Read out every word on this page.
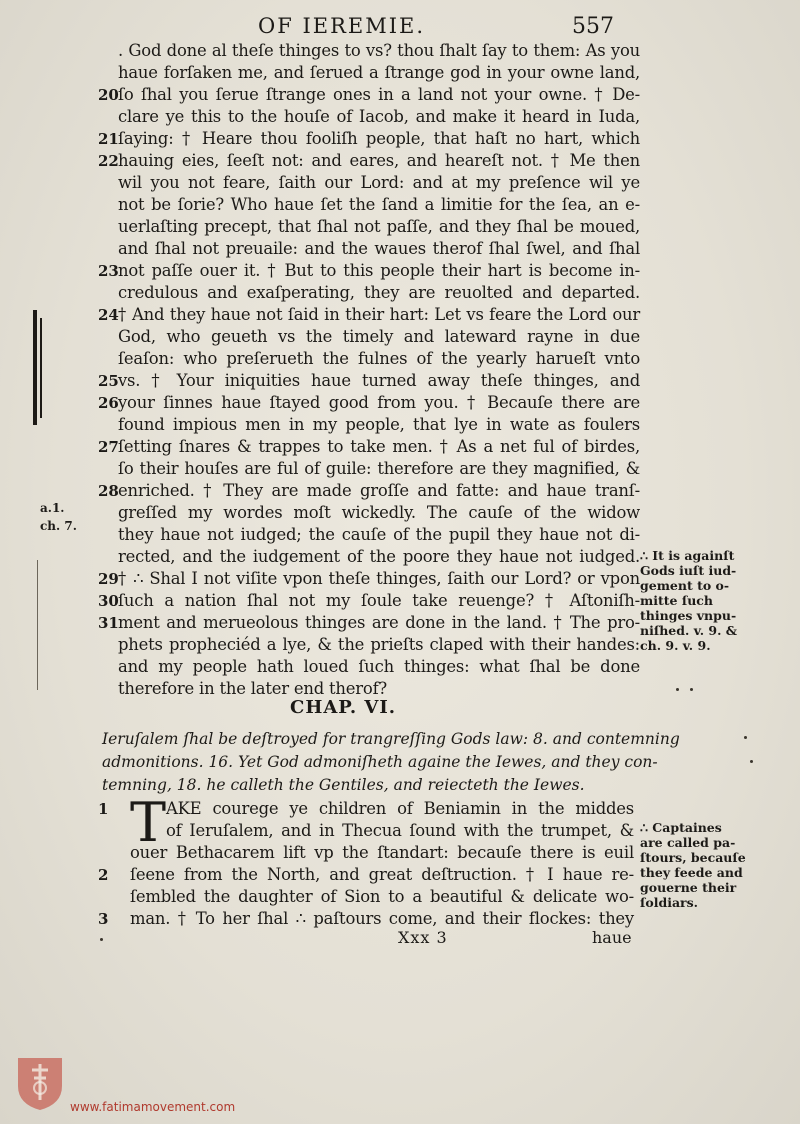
OF IEREMIE.	557
. God done al theſe thinges to vs? thou ſhalt ſay to them: As you
haue forſaken me, and ſerued a ſtrange god in your owne land,
20 ſo ſhal you ſerue ſtrange ones in a land not your owne. † De-
clare ye this to the houſe of Iacob, and make it heard in Iuda,
21 ſaying: † Heare thou fooliſh people, that haſt no hart, which
22 hauing eies, ſeeſt not: and eares, and heareſt not. † Me then
wil you not feare, ſaith our Lord: and at my preſence wil ye
not be ſorie? Who haue ſet the ſand a limitie for the ſea, an e-
uerlaſting precept, that ſhal not paſſe, and they ſhal be moued,
and ſhal not preuaile: and the waues therof ſhal ſwel, and ſhal
23 not paſſe ouer it. † But to this people their hart is become in-
credulous and exaſperating, they are reuolted and departed.
24 † And they haue not ſaid in their hart: Let vs feare the Lord our
God, who geueth vs the timely and lateward rayne in due
ſeaſon: who preſerueth the fulnes of the yearly harueſt vnto
25 vs. † Your iniquities haue turned away theſe thinges, and
26 your ſinnes haue ſtayed good from you. † Becauſe there are
found impious men in my people, that lye in wate as foulers
27 ſetting ſnares & trappes to take men. † As a net ful of birdes,
ſo their houſes are ful of guile: therefore are they magnified, &
28 enriched. † They are made groſſe and fatte: and haue tranſ-
greſſed my wordes moſt wickedly. The cauſe of the widow
they haue not iudged; the cauſe of the pupil they haue not di-
rected, and the iudgement of the poore they haue not iudged.
29 † ∴ Shal I not viſite vpon theſe thinges, ſaith our Lord? or vpon
30 ſuch a nation ſhal not my ſoule take reuenge? † Aſtoniſh-
31 ment and merueolous thinges are done in the land. † The pro-
phets propheciéd a lye, & the prieſts claped with their handes:
and my people hath loued ſuch thinges: what ſhal be done
therefore in the later end therof?
a.1.
ch. 7.
∴ It is againſt
Gods iuſt iud-
gement to o-
mitte ſuch
thinges vnpu-
niſhed. v. 9. &
ch. 9. v. 9.
CHAP. VI.
Ieruſalem ſhal be deſtroyed for trangreſſing Gods law: 8. and contemning
admonitions. 16. Yet God admoniſheth againe the Iewes, and they con-
temning, 18. he calleth the Gentiles, and reiecteth the Iewes.
T
1	AKE courege ye children of Beniamin in the middes
of Ieruſalem, and in Thecua ſound with the trumpet, &
ouer Bethacarem lift vp the ſtandart: becauſe there is euil
2	ſeene from the North, and great deſtruction. † I haue re-
ſembled the daughter of Sion to a beautiful & delicate wo-
3	man. † To her ſhal ∴ paſtours come, and their flockes: they
∴ Captaines
are called pa-
ſtours, becauſe
they feede and
gouerne their
ſoldiars.
Xxx 3	haue
www.fatimamovement.com
